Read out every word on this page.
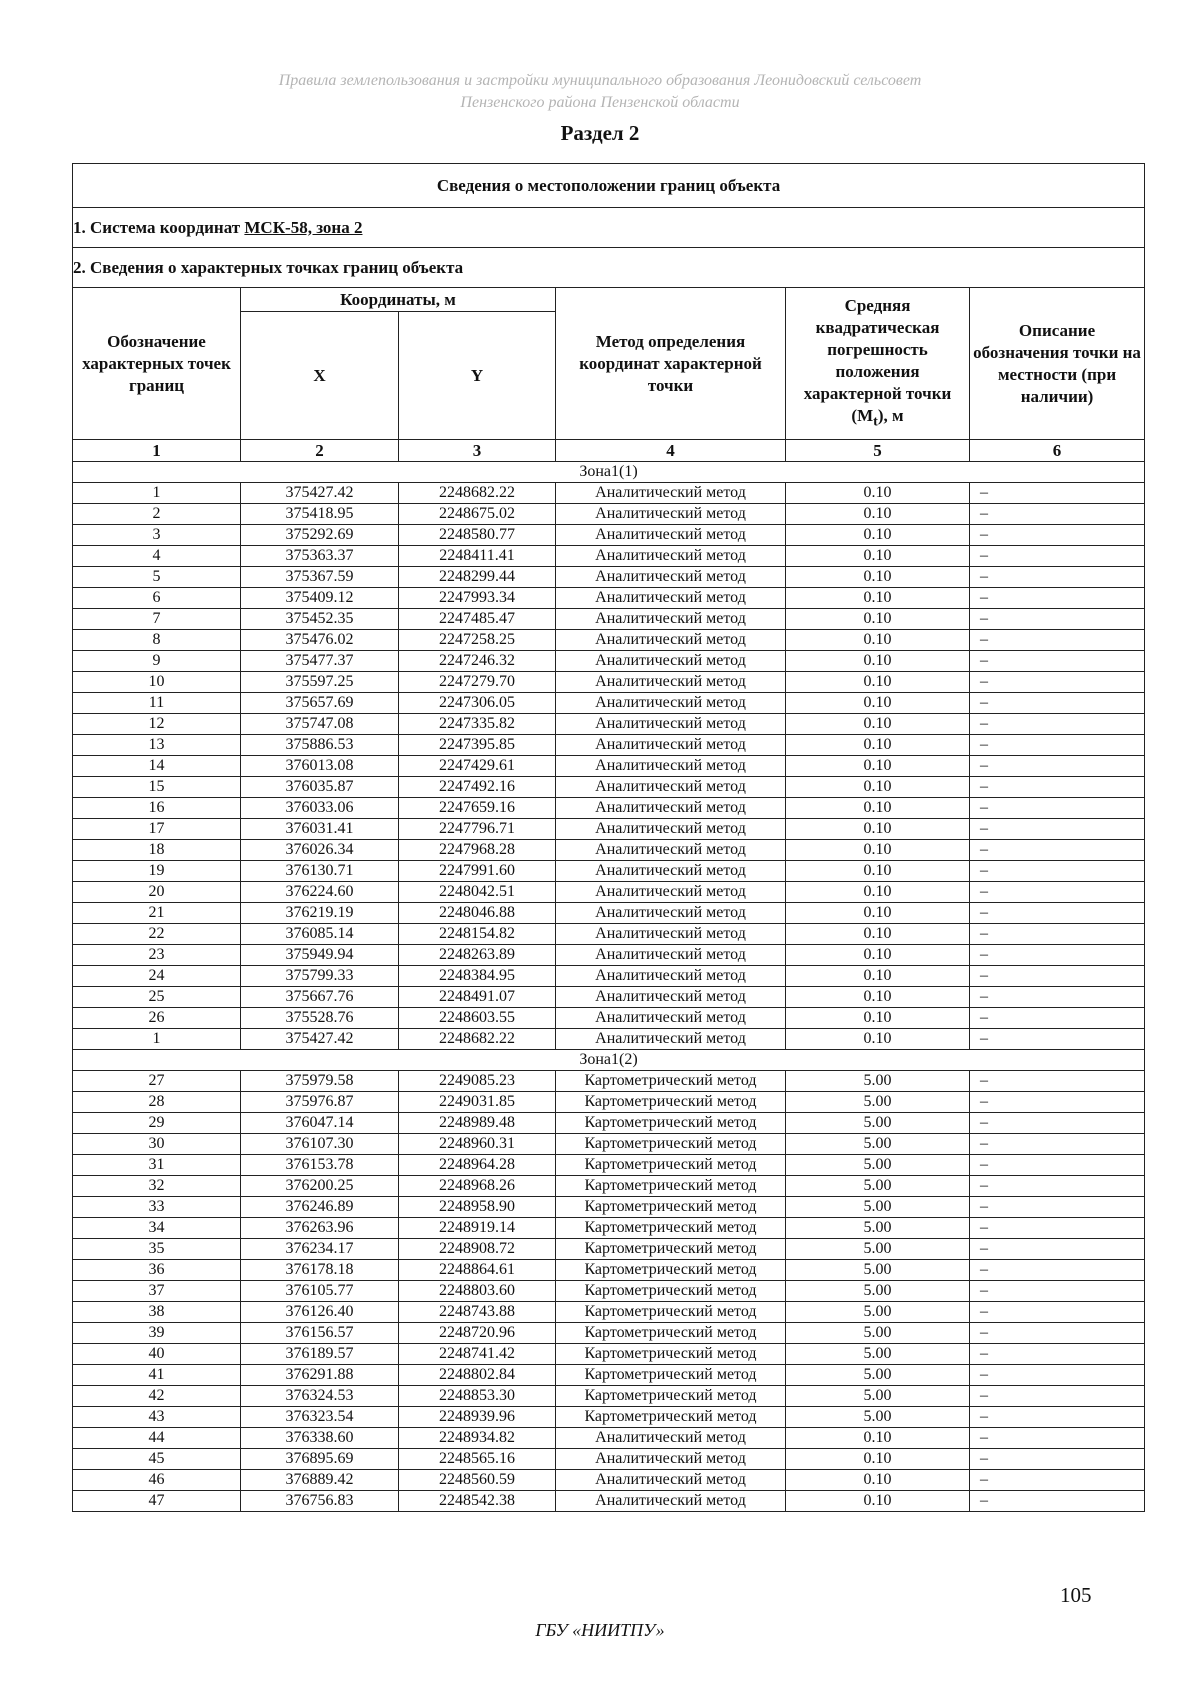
Правила землепользования и застройки муниципального образования Леонидовский сельсовет
Пензенского района Пензенской области
Раздел 2
Сведения о местоположении границ объекта					
1. Система координат МСК-58, зона 2					
2. Сведения о характерных точках границ объекта					
Обозначение характерных точек границ	Координаты, м		Метод определения координат характерной точки	Средняя квадратическая погрешность положения характерной точки $(M_t)$, м	Описание обозначения точки на местности (при наличии)
	X	Y			
1	2	3	4	5	6
Зона1(1)					
1	375427.42	2248682.22	Аналитический метод	0.10	–
2	375418.95	2248675.02	Аналитический метод	0.10	–
3	375292.69	2248580.77	Аналитический метод	0.10	–
4	375363.37	2248411.41	Аналитический метод	0.10	–
5	375367.59	2248299.44	Аналитический метод	0.10	–
6	375409.12	2247993.34	Аналитический метод	0.10	–
7	375452.35	2247485.47	Аналитический метод	0.10	–
8	375476.02	2247258.25	Аналитический метод	0.10	–
9	375477.37	2247246.32	Аналитический метод	0.10	–
10	375597.25	2247279.70	Аналитический метод	0.10	–
11	375657.69	2247306.05	Аналитический метод	0.10	–
12	375747.08	2247335.82	Аналитический метод	0.10	–
13	375886.53	2247395.85	Аналитический метод	0.10	–
14	376013.08	2247429.61	Аналитический метод	0.10	–
15	376035.87	2247492.16	Аналитический метод	0.10	–
16	376033.06	2247659.16	Аналитический метод	0.10	–
17	376031.41	2247796.71	Аналитический метод	0.10	–
18	376026.34	2247968.28	Аналитический метод	0.10	–
19	376130.71	2247991.60	Аналитический метод	0.10	–
20	376224.60	2248042.51	Аналитический метод	0.10	–
21	376219.19	2248046.88	Аналитический метод	0.10	–
22	376085.14	2248154.82	Аналитический метод	0.10	–
23	375949.94	2248263.89	Аналитический метод	0.10	–
24	375799.33	2248384.95	Аналитический метод	0.10	–
25	375667.76	2248491.07	Аналитический метод	0.10	–
26	375528.76	2248603.55	Аналитический метод	0.10	–
1	375427.42	2248682.22	Аналитический метод	0.10	–
Зона1(2)					
27	375979.58	2249085.23	Картометрический метод	5.00	–
28	375976.87	2249031.85	Картометрический метод	5.00	–
29	376047.14	2248989.48	Картометрический метод	5.00	–
30	376107.30	2248960.31	Картометрический метод	5.00	–
31	376153.78	2248964.28	Картометрический метод	5.00	–
32	376200.25	2248968.26	Картометрический метод	5.00	–
33	376246.89	2248958.90	Картометрический метод	5.00	–
34	376263.96	2248919.14	Картометрический метод	5.00	–
35	376234.17	2248908.72	Картометрический метод	5.00	–
36	376178.18	2248864.61	Картометрический метод	5.00	–
37	376105.77	2248803.60	Картометрический метод	5.00	–
38	376126.40	2248743.88	Картометрический метод	5.00	–
39	376156.57	2248720.96	Картометрический метод	5.00	–
40	376189.57	2248741.42	Картометрический метод	5.00	–
41	376291.88	2248802.84	Картометрический метод	5.00	–
42	376324.53	2248853.30	Картометрический метод	5.00	–
43	376323.54	2248939.96	Картометрический метод	5.00	–
44	376338.60	2248934.82	Аналитический метод	0.10	–
45	376895.69	2248565.16	Аналитический метод	0.10	–
46	376889.42	2248560.59	Аналитический метод	0.10	–
47	376756.83	2248542.38	Аналитический метод	0.10	–
105
ГБУ «НИИТПУ»
